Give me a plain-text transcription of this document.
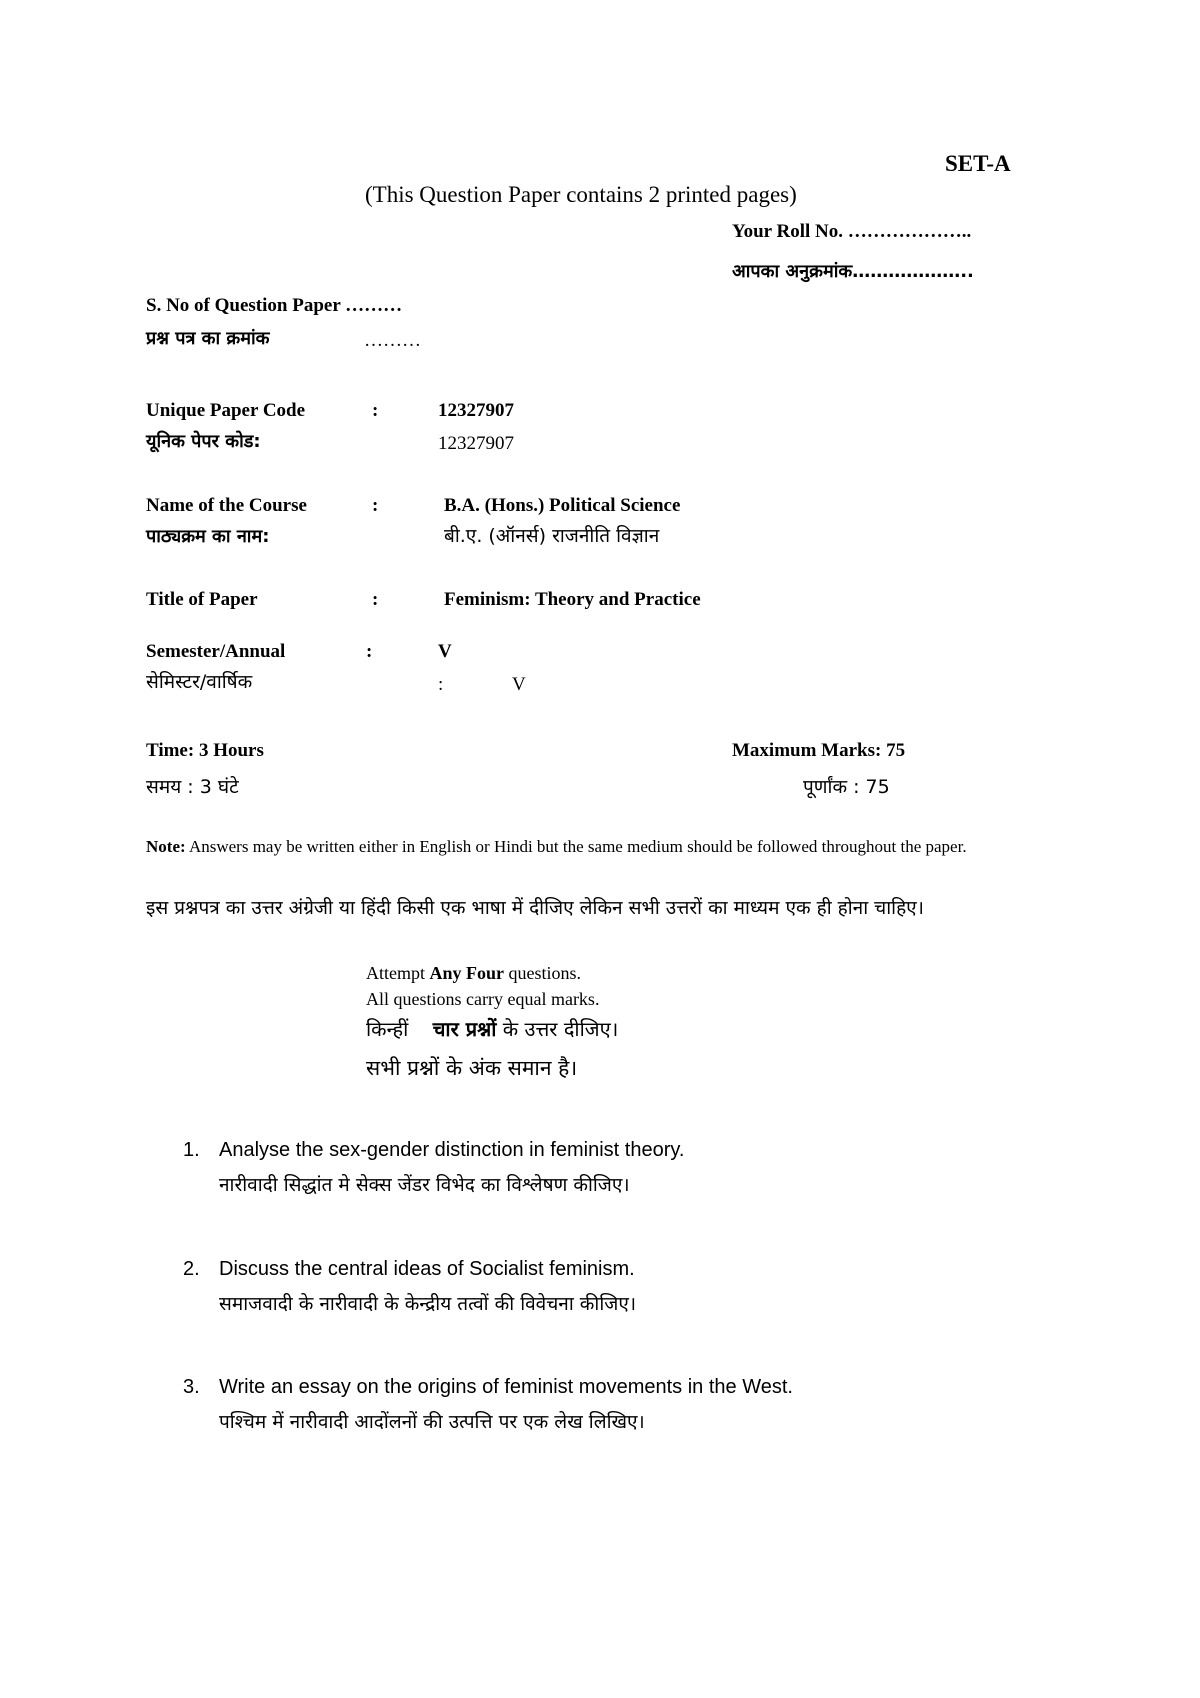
SET-A
(This Question Paper contains 2 printed pages)
Your Roll No. ………………..
आपका अनुक्रमांक………………..
S. No of Question Paper ………
प्रश्न पत्र का क्रमांक	………
Unique Paper Code	:	12327907
यूनिक पेपर कोड:	12327907
Name of the Course	:	B.A. (Hons.) Political Science
पाठ्यक्रम का नाम:	बी.ए. (ऑनर्स) राजनीति विज्ञान
Title of Paper	:	Feminism: Theory and Practice
Semester/Annual	:	V
सेमिस्टर/वार्षिक	:	V
Time: 3 Hours	Maximum Marks: 75
समय : 3 घंटे	पूर्णांक : 75
Note: Answers may be written either in English or Hindi but the same medium should be followed throughout the paper.
इस प्रश्नपत्र का उत्तर अंग्रेजी या हिंदी किसी एक भाषा में दीजिए लेकिन सभी उत्तरों का माध्यम एक ही होना चाहिए।
Attempt Any Four questions.
All questions carry equal marks.
किन्हीं चार प्रश्नों के उत्तर दीजिए।
सभी प्रश्नों के अंक समान है।
1. Analyse the sex-gender distinction in feminist theory.
नारीवादी सिद्धांत मे सेक्स जेंडर विभेद का विश्लेषण कीजिए।
2. Discuss the central ideas of Socialist feminism.
समाजवादी के नारीवादी के केन्द्रीय तत्वों की विवेचना कीजिए।
3. Write an essay on the origins of feminist movements in the West.
पश्चिम में नारीवादी आदोंलनों की उत्पत्ति पर एक लेख लिखिए।
